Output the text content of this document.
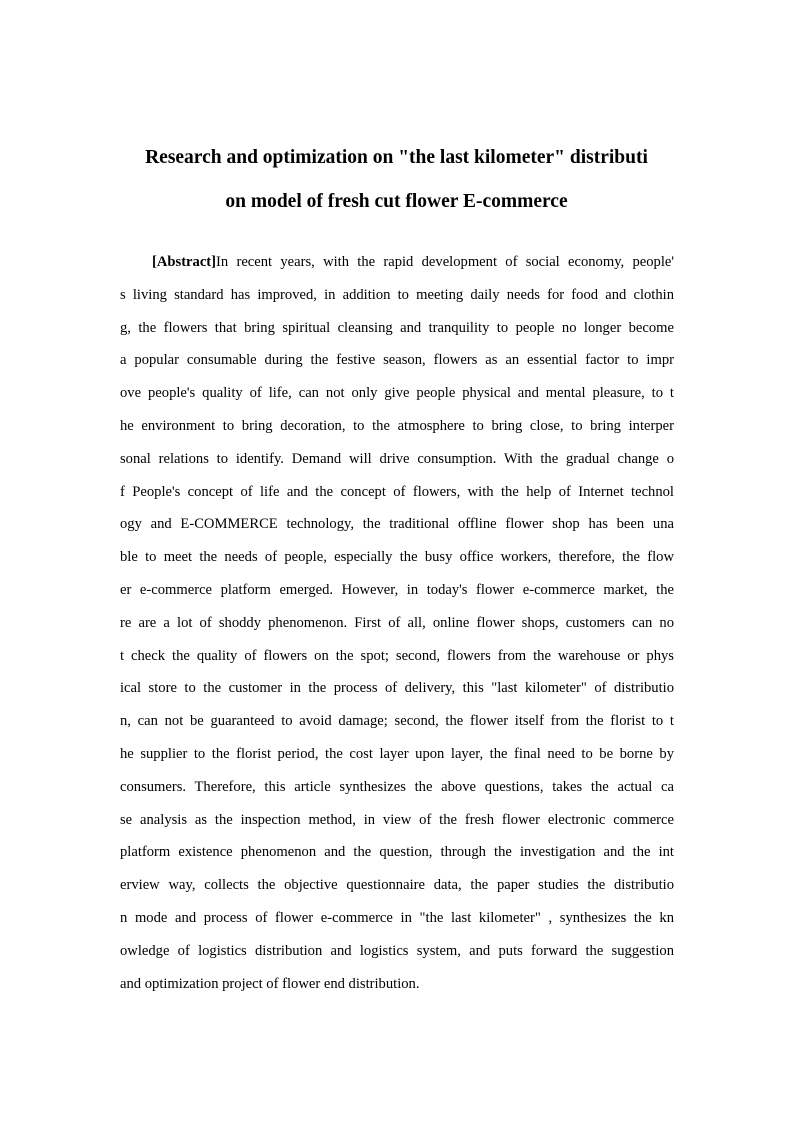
Research and optimization on "the last kilometer" distributi
on model of fresh cut flower E-commerce
[Abstract]In recent years, with the rapid development of social economy, people'
s living standard has improved, in addition to meeting daily needs for food and clothin
g, the flowers that bring spiritual cleansing and tranquility to people no longer become
a popular consumable during the festive season, flowers as an essential factor to impr
ove people's quality of life, can not only give people physical and mental pleasure, to t
he environment to bring decoration, to the atmosphere to bring close, to bring interper
sonal relations to identify. Demand will drive consumption. With the gradual change o
f People's concept of life and the concept of flowers, with the help of Internet technol
ogy and E-COMMERCE technology, the traditional offline flower shop has been una
ble to meet the needs of people, especially the busy office workers, therefore, the flow
er e-commerce platform emerged. However, in today's flower e-commerce market, the
re are a lot of shoddy phenomenon. First of all, online flower shops, customers can no
t check the quality of flowers on the spot; second, flowers from the warehouse or phys
ical store to the customer in the process of delivery, this "last kilometer" of distributio
n, can not be guaranteed to avoid damage; second, the flower itself from the florist to t
he supplier to the florist period, the cost layer upon layer, the final need to be borne by
consumers. Therefore, this article synthesizes the above questions, takes the actual ca
se analysis as the inspection method, in view of the fresh flower electronic commerce
platform existence phenomenon and the question, through the investigation and the int
erview way, collects the objective questionnaire data, the paper studies the distributio
n mode and process of flower e-commerce in "the last kilometer" , synthesizes the kn
owledge of logistics distribution and logistics system, and puts forward the suggestion
and optimization project of flower end distribution.
